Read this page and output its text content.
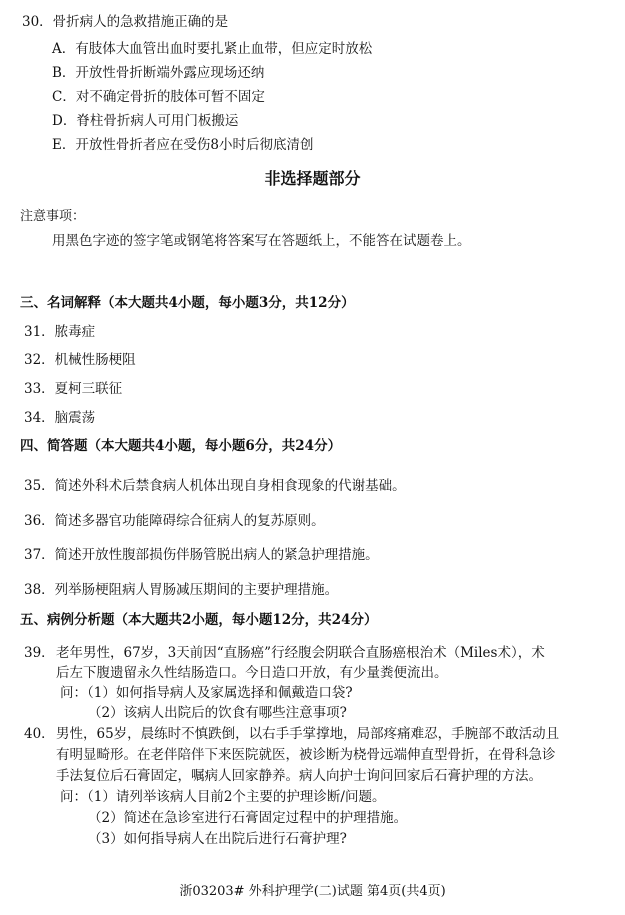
30．骨折病人的急救措施正确的是
A．有肢体大血管出血时要扎紧止血带，但应定时放松
B．开放性骨折断端外露应现场还纳
C．对不确定骨折的肢体可暂不固定
D．脊柱骨折病人可用门板搬运
E．开放性骨折者应在受伤8小时后彻底清创
非选择题部分
注意事项：
用黑色字迹的签字笔或钢笔将答案写在答题纸上，不能答在试题卷上。
三、名词解释（本大题共4小题，每小题3分，共12分）
31．脓毒症
32．机械性肠梗阻
33．夏柯三联征
34．脑震荡
四、简答题（本大题共4小题，每小题6分，共24分）
35．简述外科术后禁食病人机体出现自身相食现象的代谢基础。
36．简述多器官功能障碍综合征病人的复苏原则。
37．简述开放性腹部损伤伴肠管脱出病人的紧急护理措施。
38．列举肠梗阻病人胃肠减压期间的主要护理措施。
五、病例分析题（本大题共2小题，每小题12分，共24分）
39． 老年男性，67岁，3天前因“直肠癌”行经腹会阴联合直肠癌根治术（Miles术），术
后左下腹遗留永久性结肠造口。今日造口开放，有少量粪便流出。
问：（1）如何指导病人及家属选择和佩戴造口袋?
（2）该病人出院后的饮食有哪些注意事项?
40． 男性，65岁，晨练时不慎跌倒，以右手手掌撑地，局部疼痛难忍，手腕部不敢活动且
有明显畸形。在老伴陪伴下来医院就医，被诊断为桡骨远端伸直型骨折，在骨科急诊
手法复位后石膏固定，嘱病人回家静养。病人向护士询问回家后石膏护理的方法。
问：（1）请列举该病人目前2个主要的护理诊断/问题。
（2）简述在急诊室进行石膏固定过程中的护理措施。
（3）如何指导病人在出院后进行石膏护理?
浙03203# 外科护理学(二)试题 第4页(共4页)
